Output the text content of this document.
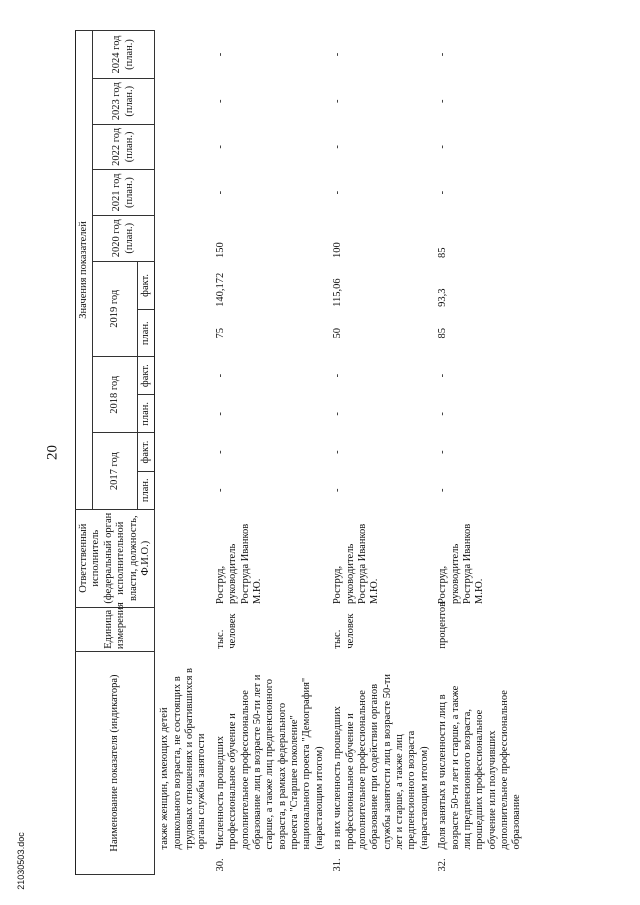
20
2103050З.doc
Наименование показателя (индикатора)	Единица измерения	Ответственный исполнитель (федеральный орган исполнительной власти, должность, Ф.И.О.)	Значения показателей										
			2017 год		2018 год		2019 год		2020 год (план.)	2021 год (план.)	2022 год (план.)	2023 год (план.)	2024 год (план.)
			план.	факт.	план.	факт.	план.	факт.					
также женщин, имеющих детей дошкольного возраста, не состоящих в трудовых отношениях и обратившихся в органы службы занятости													
30.Численность прошедших профессиональное обучение и дополнительное профессиональное образование лиц в возрасте 50-ти лет и старше, а также лиц предпенсионного возраста, в рамках федерального проекта "Старшее поколение" национального проекта "Демография" (нарастающим итогом)	тыс. человек	Роструд, руководитель Роструда Иванков М.Ю.	-	-	-	-	75	140,172	150	-	-	-	-
31.из них численность прошедших профессиональное обучение и дополнительное профессиональное образование при содействии органов службы занятости лиц в возрасте 50-ти лет и старше, а также лиц предпенсионного возраста (нарастающим итогом)	тыс. человек	Роструд, руководитель Роструда Иванков М.Ю.	-	-	-	-	50	115,06	100	-	-	-	-
32.Доля занятых в численности лиц в возрасте 50-ти лет и старше, а также лиц предпенсионного возраста, прошедших профессиональное обучение или получивших дополнительное профессиональное образование	процентов	Роструд, руководитель Роструда Иванков М.Ю.	-	-	-	-	85	93,3	85	-	-	-	-
